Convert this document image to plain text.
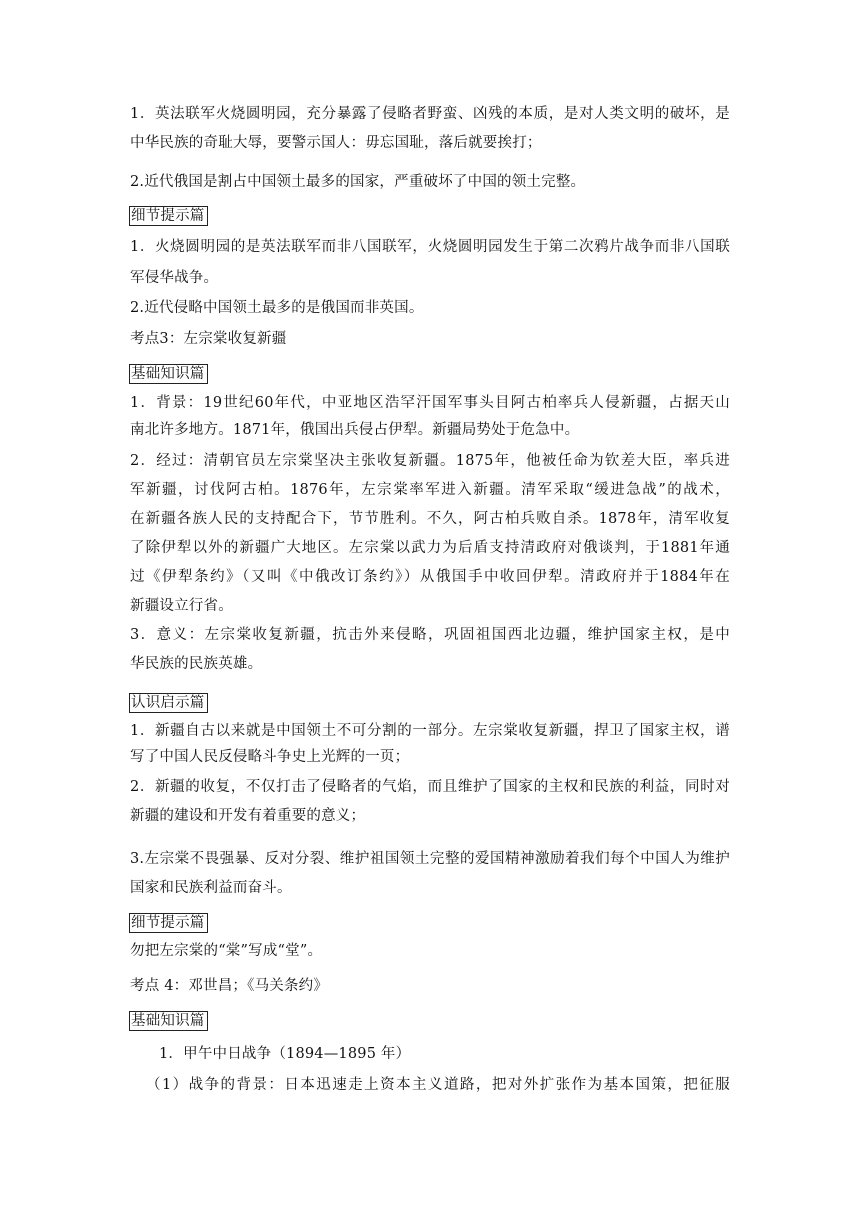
1．英法联军火烧圆明园，充分暴露了侵略者野蛮、凶残的本质，是对人类文明的破坏，是
中华民族的奇耻大辱，要警示国人：毋忘国耻，落后就要挨打；
2.近代俄国是割占中国领土最多的国家，严重破坏了中国的领土完整。
细节提示篇
1．火烧圆明园的是英法联军而非八国联军，火烧圆明园发生于第二次鸦片战争而非八国联
军侵华战争。
2.近代侵略中国领土最多的是俄国而非英国。
考点3：左宗棠收复新疆
基础知识篇
1．背景：19世纪60年代，中亚地区浩罕汗国军事头目阿古柏率兵人侵新疆，占据天山
南北许多地方。1871年，俄国出兵侵占伊犁。新疆局势处于危急中。
2．经过：清朝官员左宗棠坚决主张收复新疆。1875年，他被任命为钦差大臣，率兵进
军新疆，讨伐阿古柏。1876年，左宗棠率军进入新疆。清军采取“缓进急战”的战术，
在新疆各族人民的支持配合下，节节胜利。不久，阿古柏兵败自杀。1878年，清军收复
了除伊犁以外的新疆广大地区。左宗棠以武力为后盾支持清政府对俄谈判，于1881年通
过《伊犁条约》（又叫《中俄改订条约》）从俄国手中收回伊犁。清政府并于1884年在
新疆设立行省。
3．意义：左宗棠收复新疆，抗击外来侵略，巩固祖国西北边疆，维护国家主权，是中
华民族的民族英雄。
认识启示篇
1．新疆自古以来就是中国领土不可分割的一部分。左宗棠收复新疆，捍卫了国家主权，谱
写了中国人民反侵略斗争史上光辉的一页；
2．新疆的收复，不仅打击了侵略者的气焰，而且维护了国家的主权和民族的利益，同时对
新疆的建设和开发有着重要的意义；
3.左宗棠不畏强暴、反对分裂、维护祖国领土完整的爱国精神激励着我们每个中国人为维护
国家和民族利益而奋斗。
细节提示篇
勿把左宗棠的“棠”写成“堂”。
考点 4：邓世昌；《马关条约》
基础知识篇
1．甲午中日战争（1894—1895 年）
（1）战争的背景：日本迅速走上资本主义道路，把对外扩张作为基本国策，把征服
